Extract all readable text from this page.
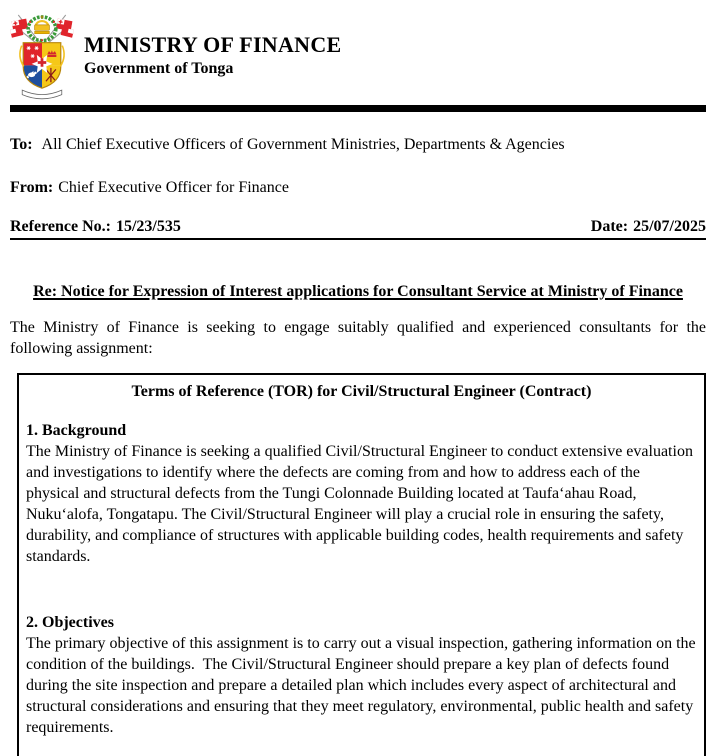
MINISTRY OF FINANCE
Government of Tonga

To: All Chief Executive Officers of Government Ministries, Departments & Agencies

From: Chief Executive Officer for Finance

Reference No.: 15/23/535	Date: 25/07/2025
Re: Notice for Expression of Interest applications for Consultant Service at Ministry of Finance

The Ministry of Finance is seeking to engage suitably qualified and experienced consultants for the following assignment:

Terms of Reference (TOR) for Civil/Structural Engineer (Contract)
1. Background
The Ministry of Finance is seeking a qualified Civil/Structural Engineer to conduct extensive evaluation and investigations to identify where the defects are coming from and how to address each of the physical and structural defects from the Tungi Colonnade Building located at Taufa‘ahau Road, Nuku‘alofa, Tongatapu. The Civil/Structural Engineer will play a crucial role in ensuring the safety, durability, and compliance of structures with applicable building codes, health requirements and safety standards.
2. Objectives
The primary objective of this assignment is to carry out a visual inspection, gathering information on the condition of the buildings.  The Civil/Structural Engineer should prepare a key plan of defects found during the site inspection and prepare a detailed plan which includes every aspect of architectural and structural considerations and ensuring that they meet regulatory, environmental, public health and safety requirements.
